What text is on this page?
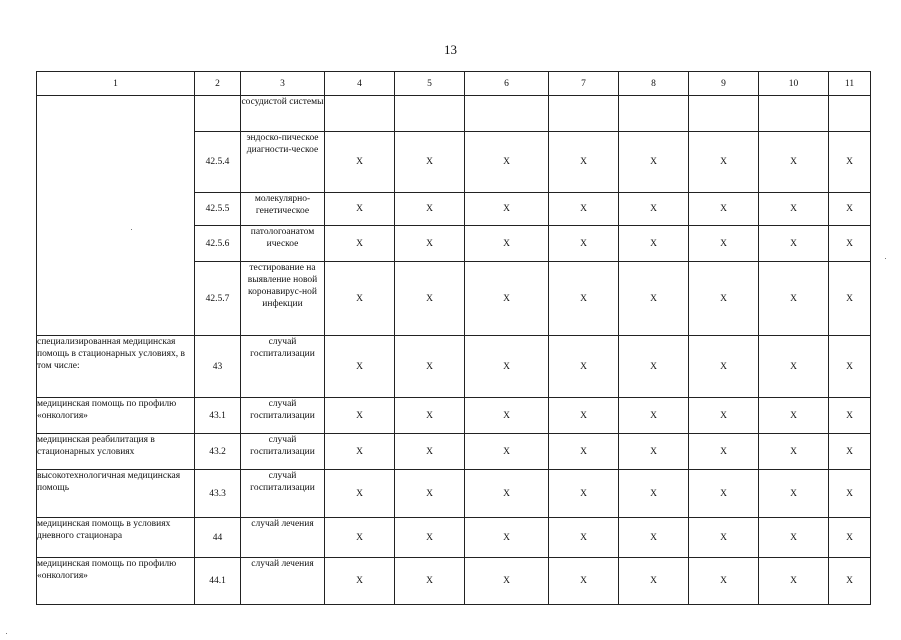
13
1	2	3	4	5	6	7	8	9	10	11
		сосудистой системы								
	42.5.4	эндоско-пическое диагности-ческое	Х	Х	Х	Х	Х	Х	Х	Х
	42.5.5	молекулярно-генетическое	Х	Х	Х	Х	Х	Х	Х	Х
	42.5.6	патологоанатом ическое	Х	Х	Х	Х	Х	Х	Х	Х
	42.5.7	тестирование на выявление новой коронавирус-ной инфекции	Х	Х	Х	Х	Х	Х	Х	Х
специализированная медицинская помощь в стационарных условиях, в том числе:	43	случай госпитализации	Х	Х	Х	Х	Х	Х	Х	Х
медицинская помощь по профилю «онкология»	43.1	случай госпитализации	Х	Х	Х	Х	Х	Х	Х	Х
медицинская реабилитация в стационарных условиях	43.2	случай госпитализации	Х	Х	Х	Х	Х	Х	Х	Х
высокотехнологичная медицинская помощь	43.3	случай госпитализации	Х	Х	Х	Х	Х	Х	Х	Х
медицинская помощь в условиях дневного стационара	44	случай лечения	Х	Х	Х	Х	Х	Х	Х	Х
медицинская помощь по профилю «онкология»	44.1	случай лечения	Х	Х	Х	Х	Х	Х	Х	Х
